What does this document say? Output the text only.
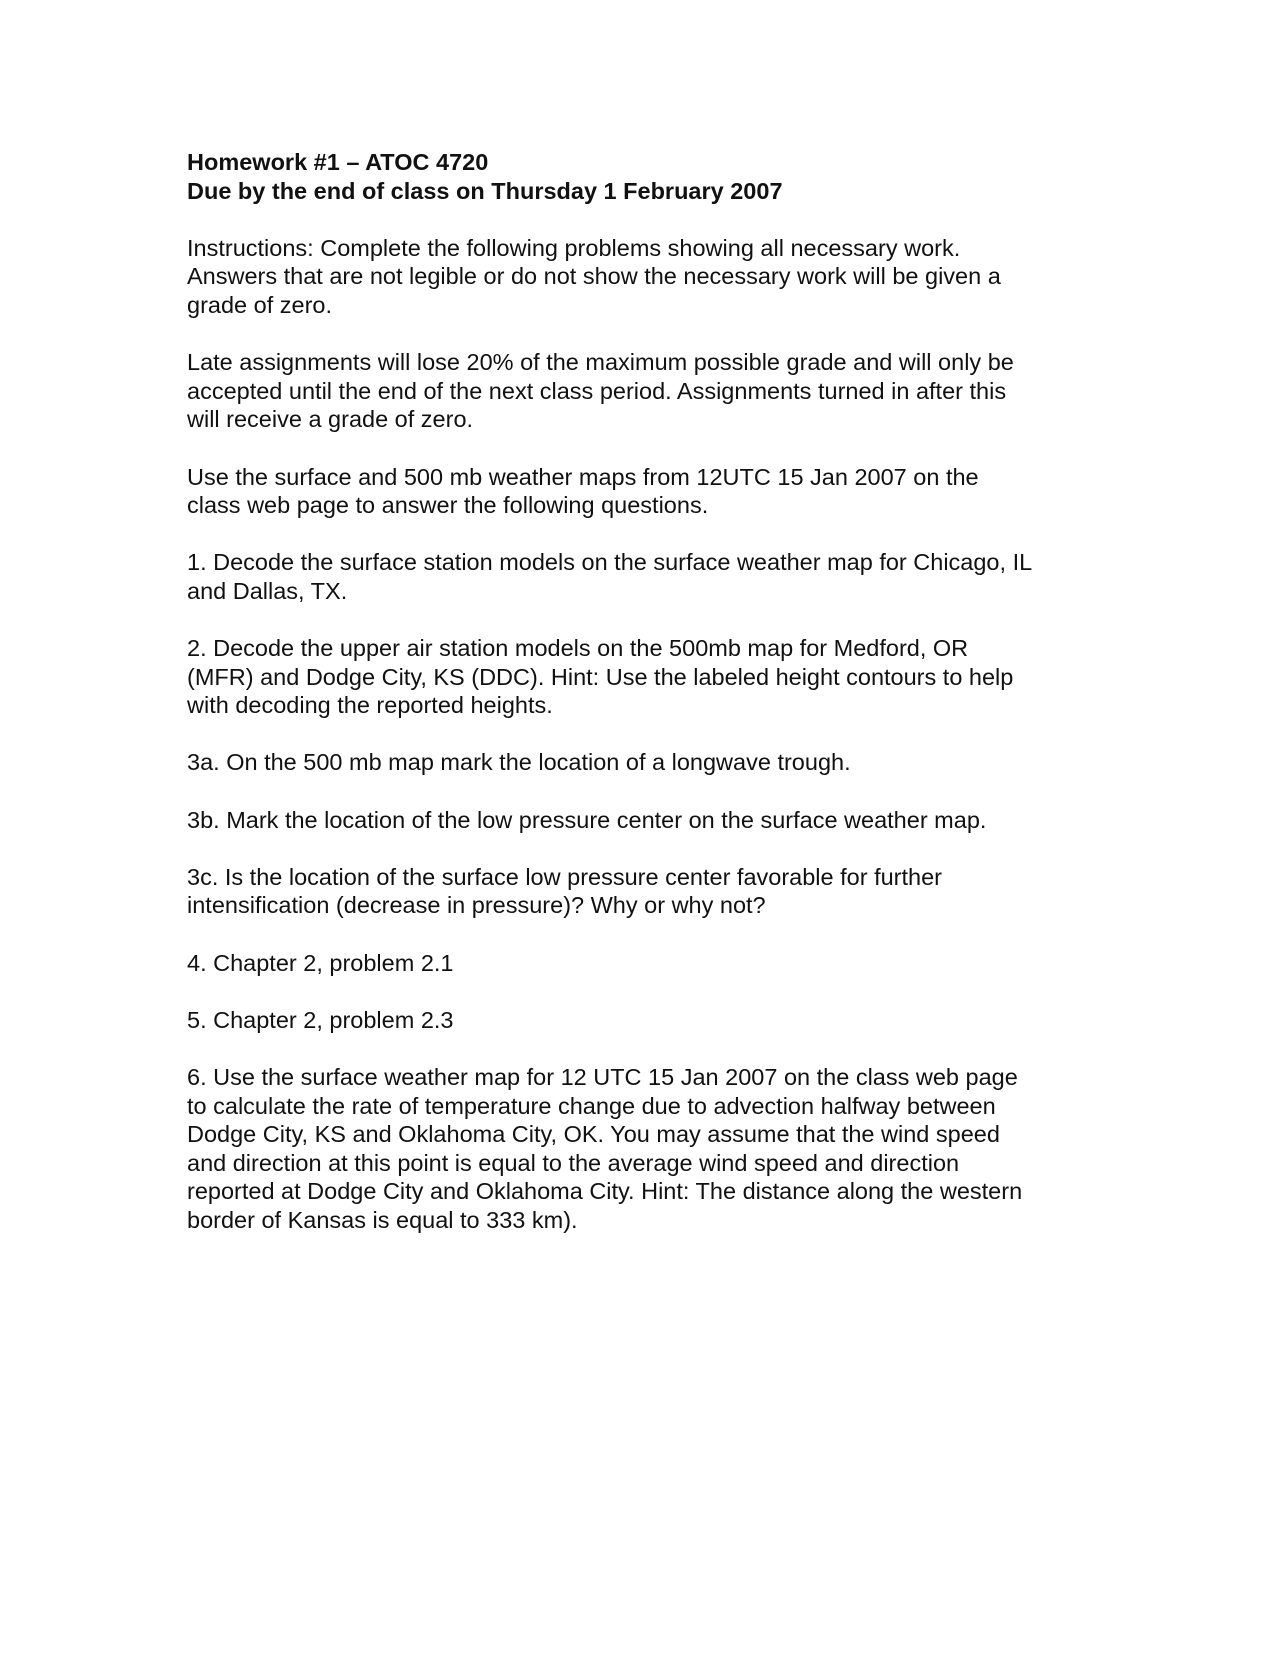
Homework #1 – ATOC 4720

Due by the end of class on Thursday 1 February 2007

Instructions: Complete the following problems showing all necessary work.
Answers that are not legible or do not show the necessary work will be given a
grade of zero.

Late assignments will lose 20% of the maximum possible grade and will only be
accepted until the end of the next class period. Assignments turned in after this
will receive a grade of zero.

Use the surface and 500 mb weather maps from 12UTC 15 Jan 2007 on the
class web page to answer the following questions.

1. Decode the surface station models on the surface weather map for Chicago, IL
and Dallas, TX.

2. Decode the upper air station models on the 500mb map for Medford, OR
(MFR) and Dodge City, KS (DDC). Hint: Use the labeled height contours to help
with decoding the reported heights.

3a. On the 500 mb map mark the location of a longwave trough.

3b. Mark the location of the low pressure center on the surface weather map.

3c. Is the location of the surface low pressure center favorable for further
intensification (decrease in pressure)? Why or why not?

4. Chapter 2, problem 2.1

5. Chapter 2, problem 2.3

6. Use the surface weather map for 12 UTC 15 Jan 2007 on the class web page
to calculate the rate of temperature change due to advection halfway between
Dodge City, KS and Oklahoma City, OK. You may assume that the wind speed
and direction at this point is equal to the average wind speed and direction
reported at Dodge City and Oklahoma City. Hint: The distance along the western
border of Kansas is equal to 333 km).
